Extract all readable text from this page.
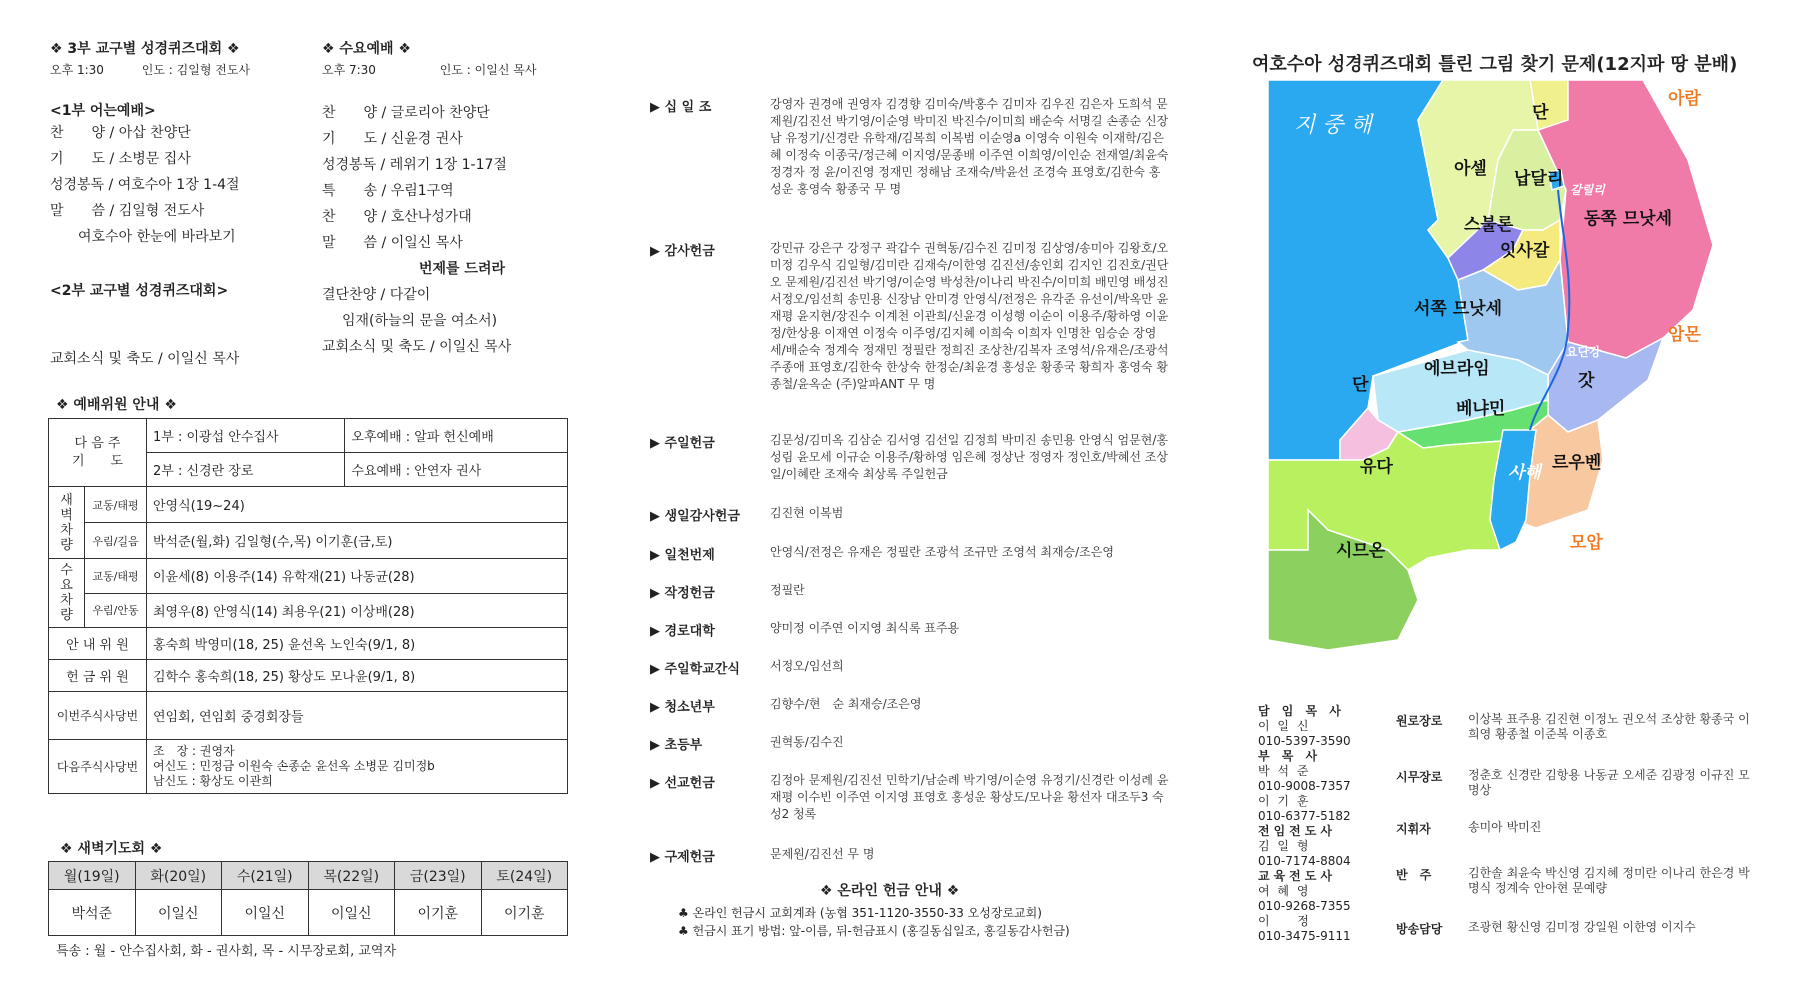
❖ 3부 교구별 성경퀴즈대회 ❖
오후 1:30	인도 : 김일형 전도사
<1부 어는예배>
찬　　양 / 아삽 찬양단
기　　도 / 소병문 집사
성경봉독 / 여호수아 1장 1-4절
말　　씀 / 김일형 전도사
여호수아 한눈에 바라보기
<2부 교구별 성경퀴즈대회>
교회소식 및 축도 / 이일신 목사
❖ 수요예배 ❖
오후 7:30	인도 : 이일신 목사
찬　　양 / 글로리아 찬양단
기　　도 / 신윤경 권사
성경봉독 / 레위기 1장 1-17절
특　　송 / 우림1구역
찬　　양 / 호산나성가대
말　　씀 / 이일신 목사
번제를 드려라
결단찬양 / 다같이
임재(하늘의 문을 여소서)
교회소식 및 축도 / 이일신 목사
❖ 예배위원 안내 ❖
다 음 주
기　　도		1부 : 이광섭 안수집사	오후예배 : 알파 헌신예배
		2부 : 신경란 장로	수요예배 : 안연자 권사
새벽
차량	교동/태평	안영식(19~24)	
	우림/길음	박석준(월,화) 김일형(수,목) 이기훈(금,토)	
수요
차량	교동/태평	이윤세(8) 이용주(14) 유학재(21) 나동균(28)	
	우림/안동	최영우(8) 안영식(14) 최용우(21) 이상배(28)	
안 내 위 원		홍숙희 박영미(18, 25) 윤선옥 노인숙(9/1, 8)	
헌 금 위 원		김학수 홍숙희(18, 25) 황상도 모나윤(9/1, 8)	
이번주식사당번		연임회, 연임회 중경회장들	
다음주식사당번		조　장 : 권영자
여신도 : 민정금 이원숙 손종순 윤선옥 소병문 김미정b
남신도 : 황상도 이관희	
❖ 새벽기도회 ❖
월(19일)	화(20일)	수(21일)	목(22일)	금(23일)	토(24일)
박석준	이일신	이일신	이일신	이기훈	이기훈
특송 : 월 - 안수집사회, 화 - 권사회, 목 - 시무장로회, 교역자
▶ 십 일 조	강영자 권경애 권영자 김경향 김미숙/박홍수 김미자 김우진 김은자 도희석 문제원/김진선 박기영/이순영 박미진 박진수/이미희 배순숙 서명길 손종순 신장남 유정기/신경란 유학재/김복희 이복범 이순영a 이영숙 이원숙 이재학/김은혜 이정숙 이종국/정근혜 이지영/문종배 이주연 이희영/이인순 전재열/최윤숙 정경자 정 윤/이진영 정재민 정해남 조재숙/박윤선 조경숙 표영호/김한숙 홍성운 홍영숙 황종국 무 명
▶ 감사헌금	강민규 강은구 강정구 곽갑수 권혁동/김수진 김미정 김상영/송미아 김왕호/오미정 김우식 김일형/김미란 김재숙/이한영 김진선/송인회 김지인 김진호/권단오 문제원/김진선 박기영/이순영 박성찬/이나리 박진수/이미희 배민영 배성진 서정오/임선희 송민용 신장남 안미경 안영식/전정은 유각준 유선이/박옥만 윤재평 윤지현/장진수 이계천 이관희/신윤경 이성행 이순이 이용주/황하영 이윤정/한상용 이재연 이정숙 이주영/김지혜 이희숙 이희자 인명찬 임승순 장영세/배순숙 정계숙 정재민 정필란 정희진 조상찬/김복자 조영석/유재은/조광석 주종애 표영호/김한숙 한상숙 한정순/최윤경 홍성운 황종국 황희자 홍영숙 황종철/윤옥순 (주)알파ANT 무 명
▶ 주일헌금	김문성/김미옥 김삼순 김서영 김선일 김정희 박미진 송민용 안영식 엄문현/홍성림 윤모세 이규순 이용주/황하영 임은혜 정상난 정영자 정인호/박혜선 조상일/이혜란 조재숙 최상록 주일헌금
▶ 생일감사헌금	김진현 이복범
▶ 일천번제	안영식/전정은 유재은 정필란 조광석 조규만 조영석 최재승/조은영
▶ 작정헌금	정필란
▶ 경로대학	양미정 이주연 이지영 최식록 표주용
▶ 주일학교간식	서정오/임선희
▶ 청소년부	김향수/현　순 최재승/조은영
▶ 초등부	권혁동/김수진
▶ 선교헌금	김정아 문제원/김진선 민학기/남순례 박기영/이순영 유정기/신경란 이성례 윤재평 이수빈 이주연 이지영 표영호 홍성운 황상도/모나윤 황선자 대조두3 숙성2 청록
▶ 구제헌금	문제원/김진선 무 명
❖ 온라인 헌금 안내 ❖
♣ 온라인 헌금시 교회계좌 (농협 351-1120-3550-33 오성장로교회)
♣ 헌금시 표기 방법: 앞-이름, 뒤-헌금표시 (홍길동십일조, 홍길동감사헌금)
여호수아 성경퀴즈대회 틀린 그림 찾기 문제(12지파 땅 분배)
지 중 해
아셀 납달리
단
갈릴리
동쪽 므낫세
스불론
잇사갈
서쪽 므낫세
요단강
갓
에브라임
단
베냐민
유다	사해 르우벤
시므온
아람
암몬
모압
담 임 목 사
이 일 신
010-5397-3590
부 목 사
박 석 준
010-9008-7357
이 기 훈
010-6377-5182
전임전도사
김 일 형
010-7174-8804
교육전도사
여 혜 영
010-9268-7355
이 　 정
010-3475-9111
원로장로	이상복 표주용 김진현 이정노 권오석 조상한 황종국 이희영 황종철 이준복 이종호
시무장로	정춘호 신경란 김항용 나동균 오세준 김광정 이규진 모명상
지휘자	송미아 박미진
반　주	김한솔 최윤숙 박신영 김지혜 정미란 이나리 한은경 박명식 정계숙 안아현 문예량
방송담당	조광현 황신영 김미정 강일원 이한영 이지수
